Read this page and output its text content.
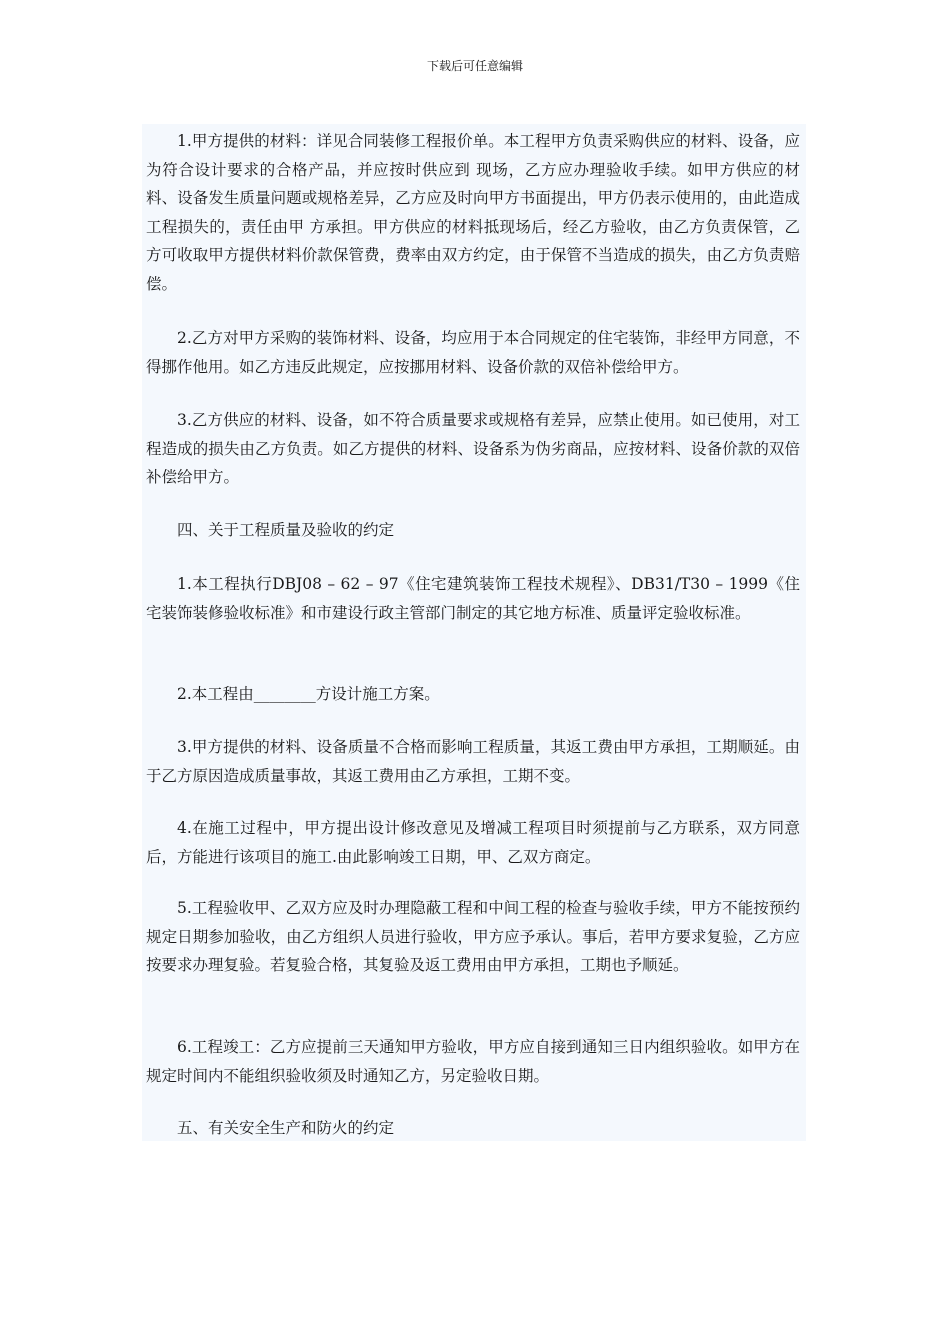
下载后可任意编辑

1.甲方提供的材料：详见合同装修工程报价单。本工程甲方负责采购供应的材料、设备，应为符合设计要求的合格产品，并应按时供应到 现场，乙方应办理验收手续。如甲方供应的材料、设备发生质量问题或规格差异，乙方应及时向甲方书面提出，甲方仍表示使用的，由此造成工程损失的，责任由甲 方承担。甲方供应的材料抵现场后，经乙方验收，由乙方负责保管，乙方可收取甲方提供材料价款保管费，费率由双方约定，由于保管不当造成的损失，由乙方负责赔偿。

2.乙方对甲方采购的装饰材料、设备，均应用于本合同规定的住宅装饰，非经甲方同意，不得挪作他用。如乙方违反此规定，应按挪用材料、设备价款的双倍补偿给甲方。

3.乙方供应的材料、设备，如不符合质量要求或规格有差异，应禁止使用。如已使用，对工程造成的损失由乙方负责。如乙方提供的材料、设备系为伪劣商品，应按材料、设备价款的双倍补偿给甲方。

四、关于工程质量及验收的约定

1.本工程执行DBJ08 – 62 – 97《住宅建筑装饰工程技术规程》、DB31/T30 – 1999《住宅装饰装修验收标准》和市建设行政主管部门制定的其它地方标准、质量评定验收标准。

2.本工程由________方设计施工方案。

3.甲方提供的材料、设备质量不合格而影响工程质量，其返工费由甲方承担，工期顺延。由于乙方原因造成质量事故，其返工费用由乙方承担，工期不变。

4.在施工过程中，甲方提出设计修改意见及增减工程项目时须提前与乙方联系，双方同意后，方能进行该项目的施工.由此影响竣工日期，甲、乙双方商定。

5.工程验收甲、乙双方应及时办理隐蔽工程和中间工程的检查与验收手续，甲方不能按预约规定日期参加验收，由乙方组织人员进行验收，甲方应予承认。事后，若甲方要求复验，乙方应按要求办理复验。若复验合格，其复验及返工费用由甲方承担，工期也予顺延。

6.工程竣工：乙方应提前三天通知甲方验收，甲方应自接到通知三日内组织验收。如甲方在规定时间内不能组织验收须及时通知乙方，另定验收日期。

五、有关安全生产和防火的约定
